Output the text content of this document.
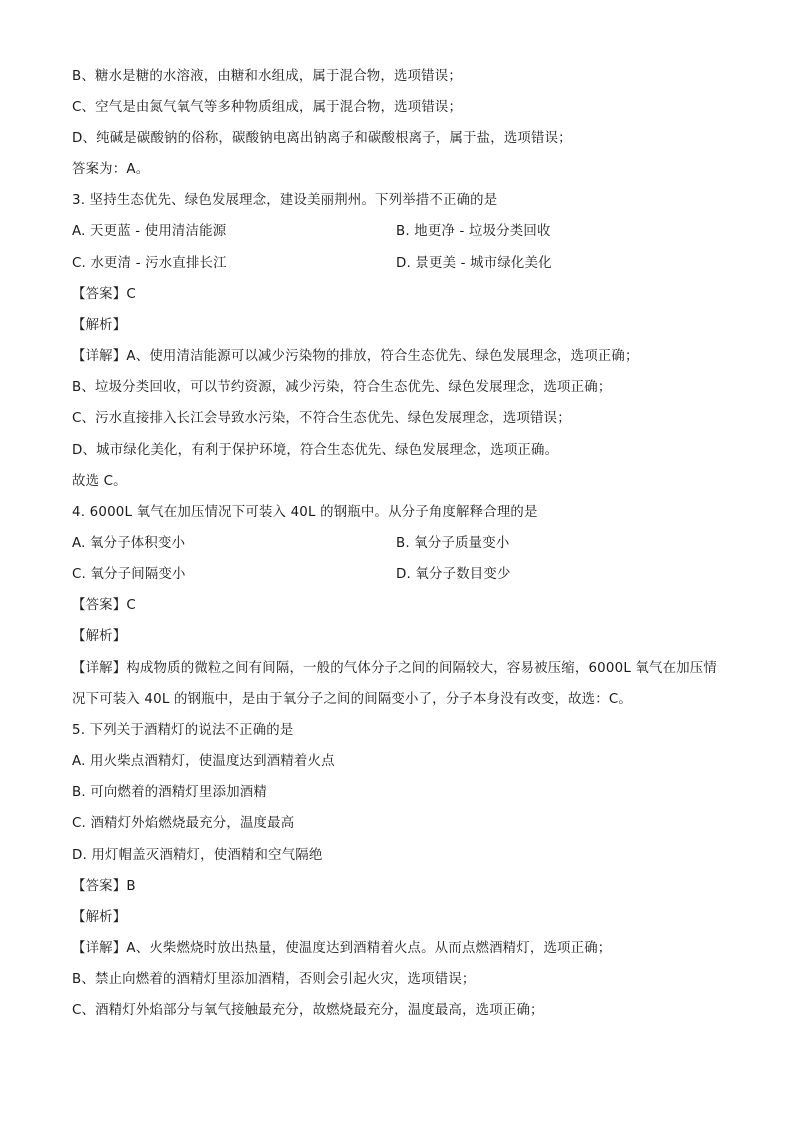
B、糖水是糖的水溶液，由糖和水组成，属于混合物，选项错误；
C、空气是由氮气氧气等多种物质组成，属于混合物，选项错误；
D、纯碱是碳酸钠的俗称，碳酸钠电离出钠离子和碳酸根离子，属于盐，选项错误；
答案为：A。
3. 坚持生态优先、绿色发展理念，建设美丽荆州。下列举措不正确的是
A. 天更蓝 - 使用清洁能源	B. 地更净 - 垃圾分类回收
C. 水更清 - 污水直排长江	D. 景更美 - 城市绿化美化
【答案】C
【解析】
【详解】A、使用清洁能源可以减少污染物的排放，符合生态优先、绿色发展理念，选项正确；
B、垃圾分类回收，可以节约资源，减少污染，符合生态优先、绿色发展理念，选项正确；
C、污水直接排入长江会导致水污染，不符合生态优先、绿色发展理念，选项错误；
D、城市绿化美化，有利于保护环境，符合生态优先、绿色发展理念，选项正确。
故选 C。
4. 6000L 氧气在加压情况下可装入 40L 的钢瓶中。从分子角度解释合理的是
A. 氧分子体积变小	B. 氧分子质量变小
C. 氧分子间隔变小	D. 氧分子数目变少
【答案】C
【解析】
【详解】构成物质的微粒之间有间隔，一般的气体分子之间的间隔较大，容易被压缩，6000L 氧气在加压情
况下可装入 40L 的钢瓶中，是由于氧分子之间的间隔变小了，分子本身没有改变，故选：C。
5. 下列关于酒精灯的说法不正确的是
A. 用火柴点酒精灯，使温度达到酒精着火点
B. 可向燃着的酒精灯里添加酒精
C. 酒精灯外焰燃烧最充分，温度最高
D. 用灯帽盖灭酒精灯，使酒精和空气隔绝
【答案】B
【解析】
【详解】A、火柴燃烧时放出热量，使温度达到酒精着火点。从而点燃酒精灯，选项正确；
B、禁止向燃着的酒精灯里添加酒精，否则会引起火灾，选项错误；
C、酒精灯外焰部分与氧气接触最充分，故燃烧最充分，温度最高，选项正确；
